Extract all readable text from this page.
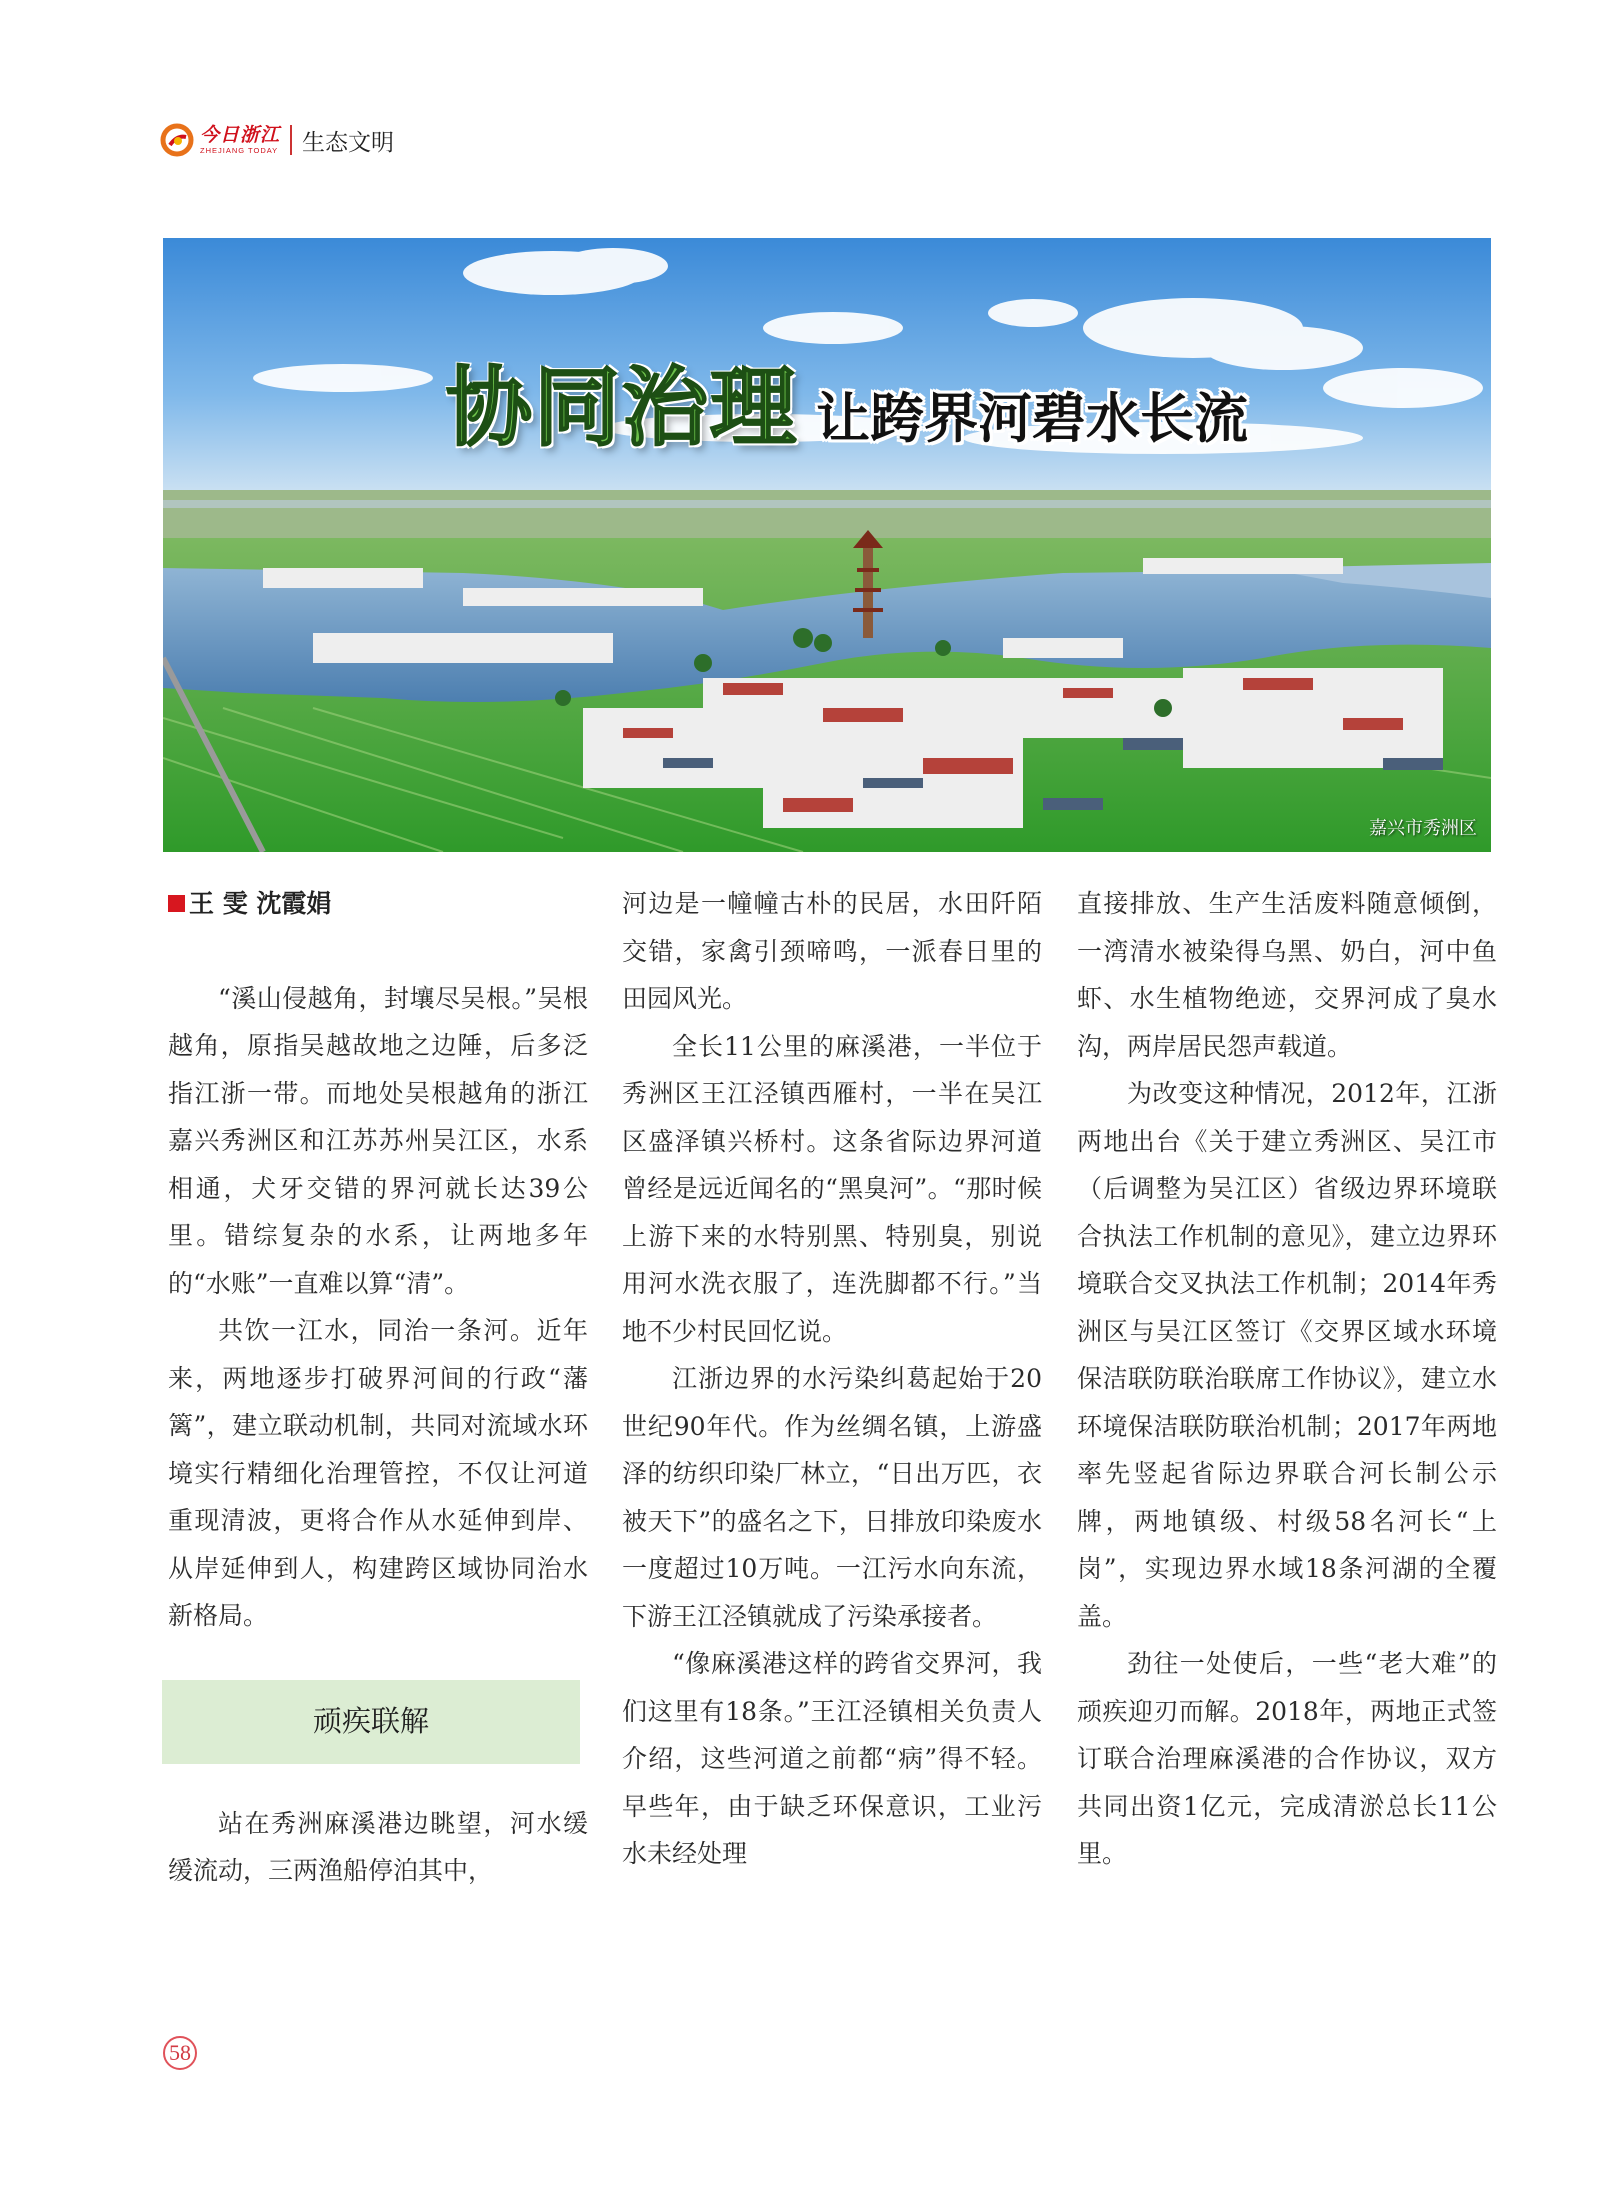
今日浙江
ZHEJIANG TODAY 生态文明
协同治理 让跨界河碧水长流
嘉兴市秀洲区
王 雯 沈霞娟

“溪山侵越角，封壤尽吴根。”吴根越角，原指吴越故地之边陲，后多泛指江浙一带。而地处吴根越角的浙江嘉兴秀洲区和江苏苏州吴江区，水系相通，犬牙交错的界河就长达39公里。错综复杂的水系，让两地多年的“水账”一直难以算“清”。

共饮一江水，同治一条河。近年来，两地逐步打破界河间的行政“藩篱”，建立联动机制，共同对流域水环境实行精细化治理管控，不仅让河道重现清波，更将合作从水延伸到岸、从岸延伸到人，构建跨区域协同治水新格局。

顽疾联解

站在秀洲麻溪港边眺望，河水缓缓流动，三两渔船停泊其中，

河边是一幢幢古朴的民居，水田阡陌交错，家禽引颈啼鸣，一派春日里的田园风光。

全长11公里的麻溪港，一半位于秀洲区王江泾镇西雁村，一半在吴江区盛泽镇兴桥村。这条省际边界河道曾经是远近闻名的“黑臭河”。“那时候上游下来的水特别黑、特别臭，别说用河水洗衣服了，连洗脚都不行。”当地不少村民回忆说。

江浙边界的水污染纠葛起始于20世纪90年代。作为丝绸名镇，上游盛泽的纺织印染厂林立，“日出万匹，衣被天下”的盛名之下，日排放印染废水一度超过10万吨。一江污水向东流，下游王江泾镇就成了污染承接者。

“像麻溪港这样的跨省交界河，我们这里有18条。”王江泾镇相关负责人介绍，这些河道之前都“病”得不轻。早些年，由于缺乏环保意识，工业污水未经处理

直接排放、生产生活废料随意倾倒，一湾清水被染得乌黑、奶白，河中鱼虾、水生植物绝迹，交界河成了臭水沟，两岸居民怨声载道。

为改变这种情况，2012年，江浙两地出台《关于建立秀洲区、吴江市（后调整为吴江区）省级边界环境联合执法工作机制的意见》，建立边界环境联合交叉执法工作机制；2014年秀洲区与吴江区签订《交界区域水环境保洁联防联治联席工作协议》，建立水环境保洁联防联治机制；2017年两地率先竖起省际边界联合河长制公示牌，两地镇级、村级58名河长“上岗”，实现边界水域18条河湖的全覆盖。

劲往一处使后，一些“老大难”的顽疾迎刃而解。2018年，两地正式签订联合治理麻溪港的合作协议，双方共同出资1亿元，完成清淤总长11公里。

58
